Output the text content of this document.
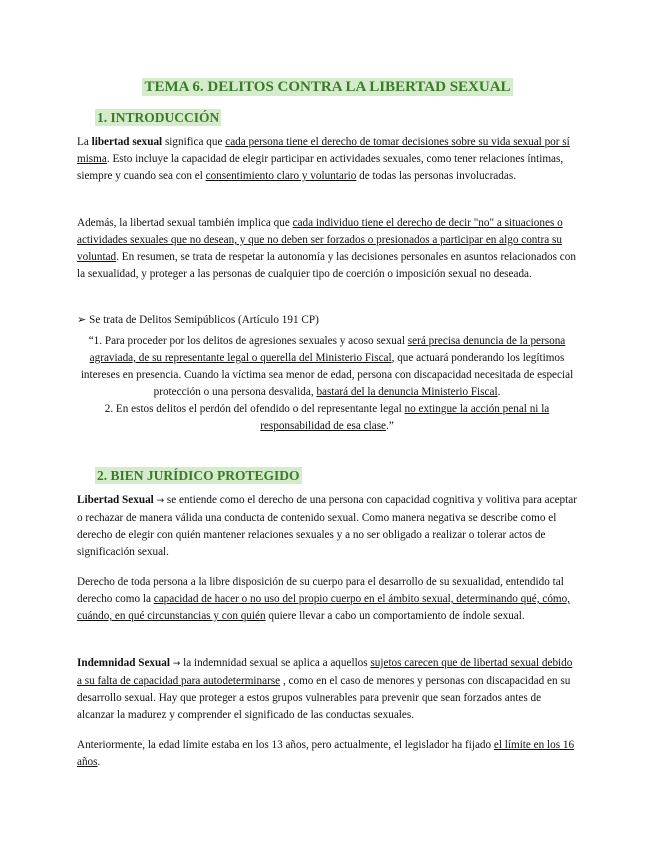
TEMA 6. DELITOS CONTRA LA LIBERTAD SEXUAL
1. INTRODUCCIÓN
La libertad sexual significa que cada persona tiene el derecho de tomar decisiones sobre su vida sexual por sí misma. Esto incluye la capacidad de elegir participar en actividades sexuales, como tener relaciones íntimas, siempre y cuando sea con el consentimiento claro y voluntario de todas las personas involucradas.
Además, la libertad sexual también implica que cada individuo tiene el derecho de decir "no" a situaciones o actividades sexuales que no desean, y que no deben ser forzados o presionados a participar en algo contra su voluntad. En resumen, se trata de respetar la autonomía y las decisiones personales en asuntos relacionados con la sexualidad, y proteger a las personas de cualquier tipo de coerción o imposición sexual no deseada.
➢ Se trata de Delitos Semipúblicos (Artículo 191 CP)
“1. Para proceder por los delitos de agresiones sexuales y acoso sexual será precisa denuncia de la persona agraviada, de su representante legal o querella del Ministerio Fiscal, que actuará ponderando los legítimos intereses en presencia. Cuando la víctima sea menor de edad, persona con discapacidad necesitada de especial protección o una persona desvalida, bastará del la denuncia Ministerio Fiscal.
2. En estos delitos el perdón del ofendido o del representante legal no extingue la acción penal ni la responsabilidad de esa clase.”
2. BIEN JURÍDICO PROTEGIDO
Libertad Sexual → se entiende como el derecho de una persona con capacidad cognitiva y volitiva para aceptar o rechazar de manera válida una conducta de contenido sexual. Como manera negativa se describe como el derecho de elegir con quién mantener relaciones sexuales y a no ser obligado a realizar o tolerar actos de significación sexual.
Derecho de toda persona a la libre disposición de su cuerpo para el desarrollo de su sexualidad, entendido tal derecho como la capacidad de hacer o no uso del propio cuerpo en el ámbito sexual, determinando qué, cómo, cuándo, en qué circunstancias y con quién quiere llevar a cabo un comportamiento de índole sexual.
Indemnidad Sexual → la indemnidad sexual se aplica a aquellos sujetos carecen que de libertad sexual debido a su falta de capacidad para autodeterminarse , como en el caso de menores y personas con discapacidad en su desarrollo sexual. Hay que proteger a estos grupos vulnerables para prevenir que sean forzados antes de alcanzar la madurez y comprender el significado de las conductas sexuales.
Anteriormente, la edad límite estaba en los 13 años, pero actualmente, el legislador ha fijado el límite en los 16 años.
